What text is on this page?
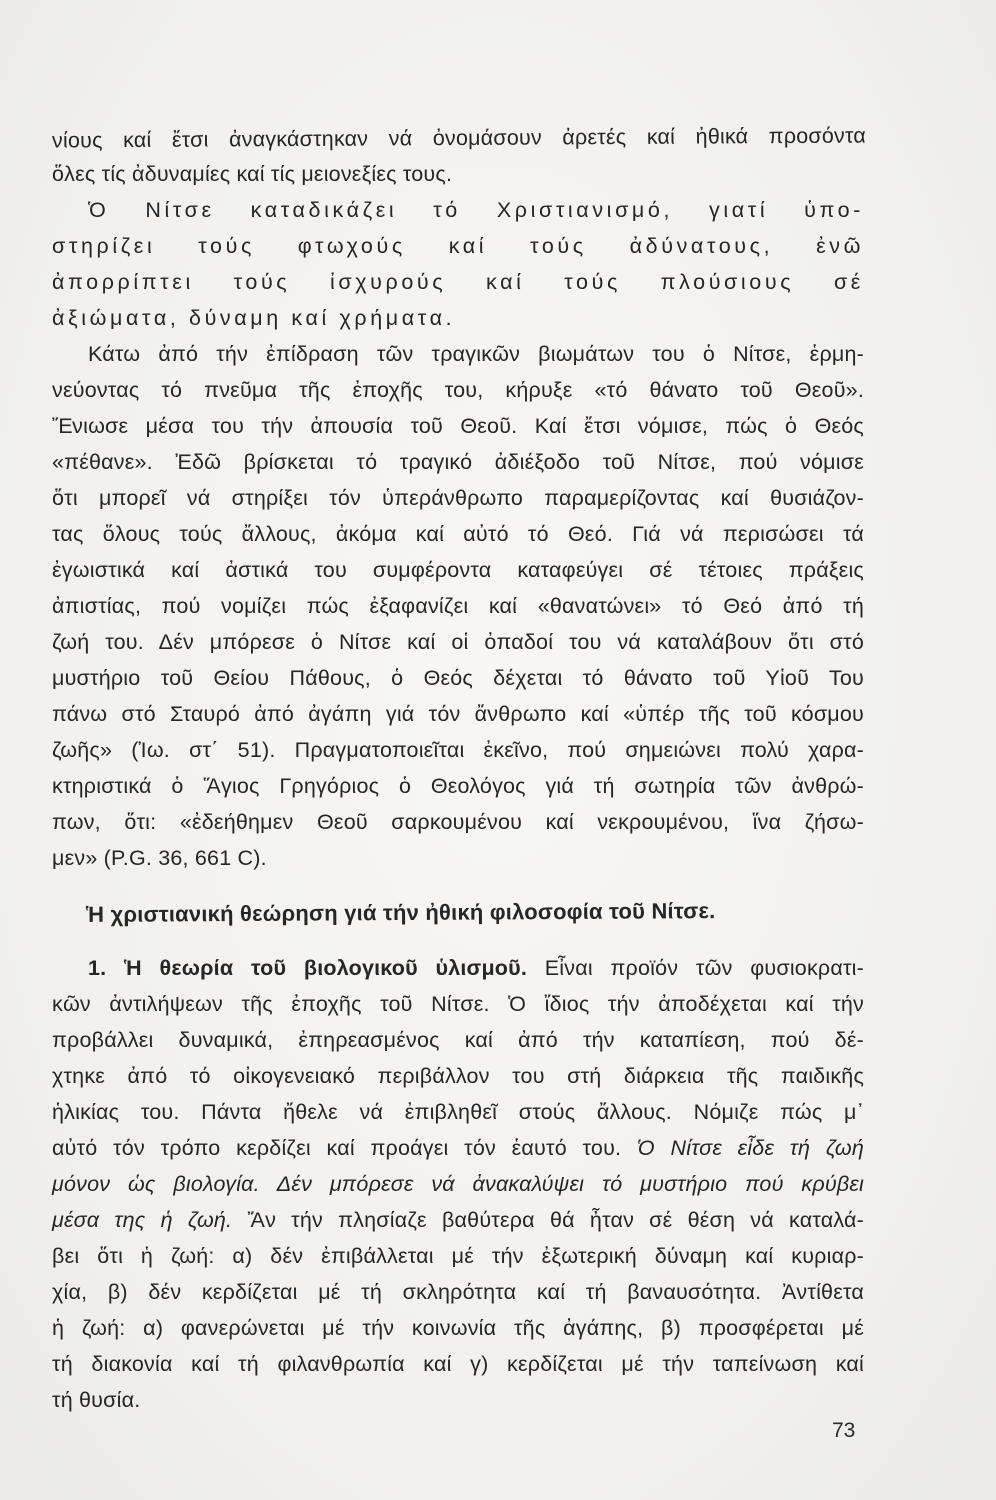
νίους καί ἔτσι ἀναγκάστηκαν νά ὀνομάσουν ἀρετές καί ἠθικά προσόντα

ὅλες τίς ἀδυναμίες καί τίς μειονεξίες τους.

Ὁ Νίτσε καταδικάζει τό Χριστιανισμό, γιατί ὑπο-

στηρίζει τούς φτωχούς καί τούς ἀδύνατους, ἐνῶ

ἀπορρίπτει τούς ἰσχυρούς καί τούς πλούσιους σέ

ἀξιώματα, δύναμη καί χρήματα.

Κάτω ἀπό τήν ἐπίδραση τῶν τραγικῶν βιωμάτων του ὁ Νίτσε, ἑρμη-

νεύοντας τό πνεῦμα τῆς ἐποχῆς του, κήρυξε «τό θάνατο τοῦ Θεοῦ».

Ἔνιωσε μέσα του τήν ἀπουσία τοῦ Θεοῦ. Καί ἔτσι νόμισε, πώς ὁ Θεός

«πέθανε». Ἐδῶ βρίσκεται τό τραγικό ἀδιέξοδο τοῦ Νίτσε, πού νόμισε

ὅτι μπορεῖ νά στηρίξει τόν ὑπεράνθρωπο παραμερίζοντας καί θυσιάζον-

τας ὅλους τούς ἄλλους, ἀκόμα καί αὐτό τό Θεό. Γιά νά περισώσει τά

ἐγωιστικά καί ἀστικά του συμφέροντα καταφεύγει σέ τέτοιες πράξεις

ἀπιστίας, πού νομίζει πώς ἐξαφανίζει καί «θανατώνει» τό Θεό ἀπό τή

ζωή του. Δέν μπόρεσε ὁ Νίτσε καί οἱ ὀπαδοί του νά καταλάβουν ὅτι στό

μυστήριο τοῦ Θείου Πάθους, ὁ Θεός δέχεται τό θάνατο τοῦ Υἱοῦ Του

πάνω στό Σταυρό ἀπό ἀγάπη γιά τόν ἄνθρωπο καί «ὑπέρ τῆς τοῦ κόσμου

ζωῆς» (Ἰω. στ΄ 51). Πραγματοποιεῖται ἐκεῖνο, πού σημειώνει πολύ χαρα-

κτηριστικά ὁ Ἅγιος Γρηγόριος ὁ Θεολόγος γιά τή σωτηρία τῶν ἀνθρώ-

πων, ὅτι: «ἐδεήθημεν Θεοῦ σαρκουμένου καί νεκρουμένου, ἵνα ζήσω-

μεν» (P.G. 36, 661 C).

Ἡ χριστιανική θεώρηση γιά τήν ἠθική φιλοσοφία τοῦ Νίτσε.

1. Ἡ θεωρία τοῦ βιολογικοῦ ὑλισμοῦ. Εἶναι προϊόν τῶν φυσιοκρατι-

κῶν ἀντιλήψεων τῆς ἐποχῆς τοῦ Νίτσε. Ὁ ἴδιος τήν ἀποδέχεται καί τήν

προβάλλει δυναμικά, ἐπηρεασμένος καί ἀπό τήν καταπίεση, πού δέ-

χτηκε ἀπό τό οἰκογενειακό περιβάλλον του στή διάρκεια τῆς παιδικῆς

ἡλικίας του. Πάντα ἤθελε νά ἐπιβληθεῖ στούς ἄλλους. Νόμιζε πώς μ᾽

αὐτό τόν τρόπο κερδίζει καί προάγει τόν ἑαυτό του. Ὁ Νίτσε εἶδε τή ζωή

μόνον ὡς βιολογία. Δέν μπόρεσε νά ἀνακαλύψει τό μυστήριο πού κρύβει

μέσα της ἡ ζωή. Ἄν τήν πλησίαζε βαθύτερα θά ἦταν σέ θέση νά καταλά-

βει ὅτι ἡ ζωή: α) δέν ἐπιβάλλεται μέ τήν ἐξωτερική δύναμη καί κυριαρ-

χία, β) δέν κερδίζεται μέ τή σκληρότητα καί τή βαναυσότητα. Ἀντίθετα

ἡ ζωή: α) φανερώνεται μέ τήν κοινωνία τῆς ἀγάπης, β) προσφέρεται μέ

τή διακονία καί τή φιλανθρωπία καί γ) κερδίζεται μέ τήν ταπείνωση καί

τή θυσία.

73
